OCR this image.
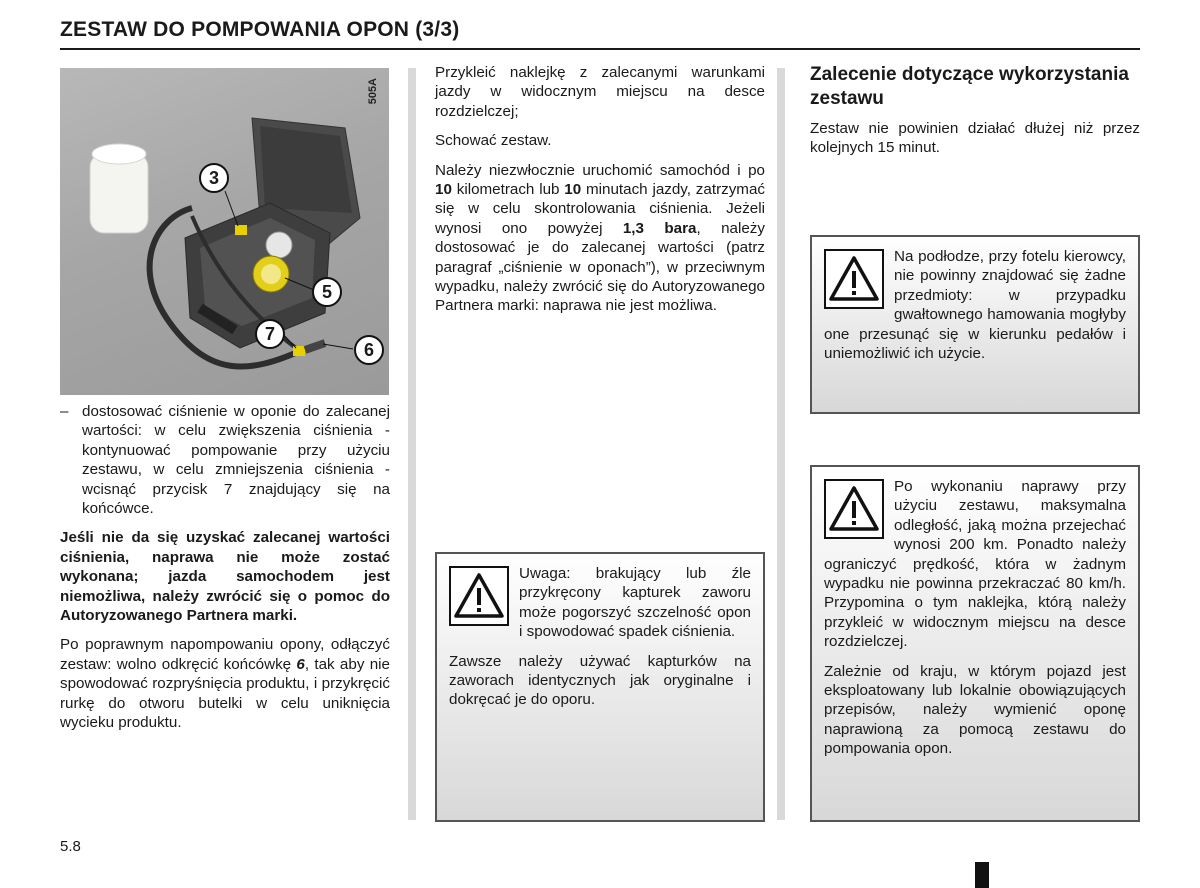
ZESTAW DO POMPOWANIA OPON (3/3)
505A
3
5
7
6
– dostosować ciśnienie w oponie do zalecanej wartości: w celu zwiększenia ciśnienia - kontynuować pompowanie przy użyciu zestawu, w celu zmniejszenia ciśnienia - wcisnąć przycisk 7 znajdujący się na końcówce.

Jeśli nie da się uzyskać zalecanej wartości ciśnienia, naprawa nie może zostać wykonana; jazda samochodem jest niemożliwa, należy zwrócić się o pomoc do Autoryzowanego Partnera marki.

Po poprawnym napompowaniu opony, odłączyć zestaw: wolno odkręcić końcówkę 6, tak aby nie spowodować rozpryśnięcia produktu, i przykręcić rurkę do otworu butelki w celu uniknięcia wycieku produktu.

Przykleić naklejkę z zalecanymi warunkami jazdy w widocznym miejscu na desce rozdzielczej;

Schować zestaw.

Należy niezwłocznie uruchomić samochód i po 10 kilometrach lub 10 minutach jazdy, zatrzymać się w celu skontrolowania ciśnienia. Jeżeli wynosi ono powyżej 1,3 bara, należy dostosować je do zalecanej wartości (patrz paragraf „ciśnienie w oponach”), w przeciwnym wypadku, należy zwrócić się do Autoryzowanego Partnera marki: naprawa nie jest możliwa.

Uwaga: brakujący lub źle przykręcony kapturek zaworu może pogorszyć szczelność opon i spowodować spadek ciśnienia.

Zawsze należy używać kapturków na zaworach identycznych jak oryginalne i dokręcać je do oporu.

Zalecenie dotyczące wykorzystania zestawu

Zestaw nie powinien działać dłużej niż przez kolejnych 15 minut.

Na podłodze, przy fotelu kierowcy, nie powinny znajdować się żadne przedmioty: w przypadku gwałtownego hamowania mogłyby one przesunąć się w kierunku pedałów i uniemożliwić ich użycie.

Po wykonaniu naprawy przy użyciu zestawu, maksymalna odległość, jaką można przejechać wynosi 200 km. Ponadto należy ograniczyć prędkość, która w żadnym wypadku nie powinna przekraczać 80 km/h. Przypomina o tym naklejka, którą należy przykleić w widocznym miejscu na desce rozdzielczej.

Zależnie od kraju, w którym pojazd jest eksploatowany lub lokalnie obowiązujących przepisów, należy wymienić oponę naprawioną za pomocą zestawu do pompowania opon.

5.8
